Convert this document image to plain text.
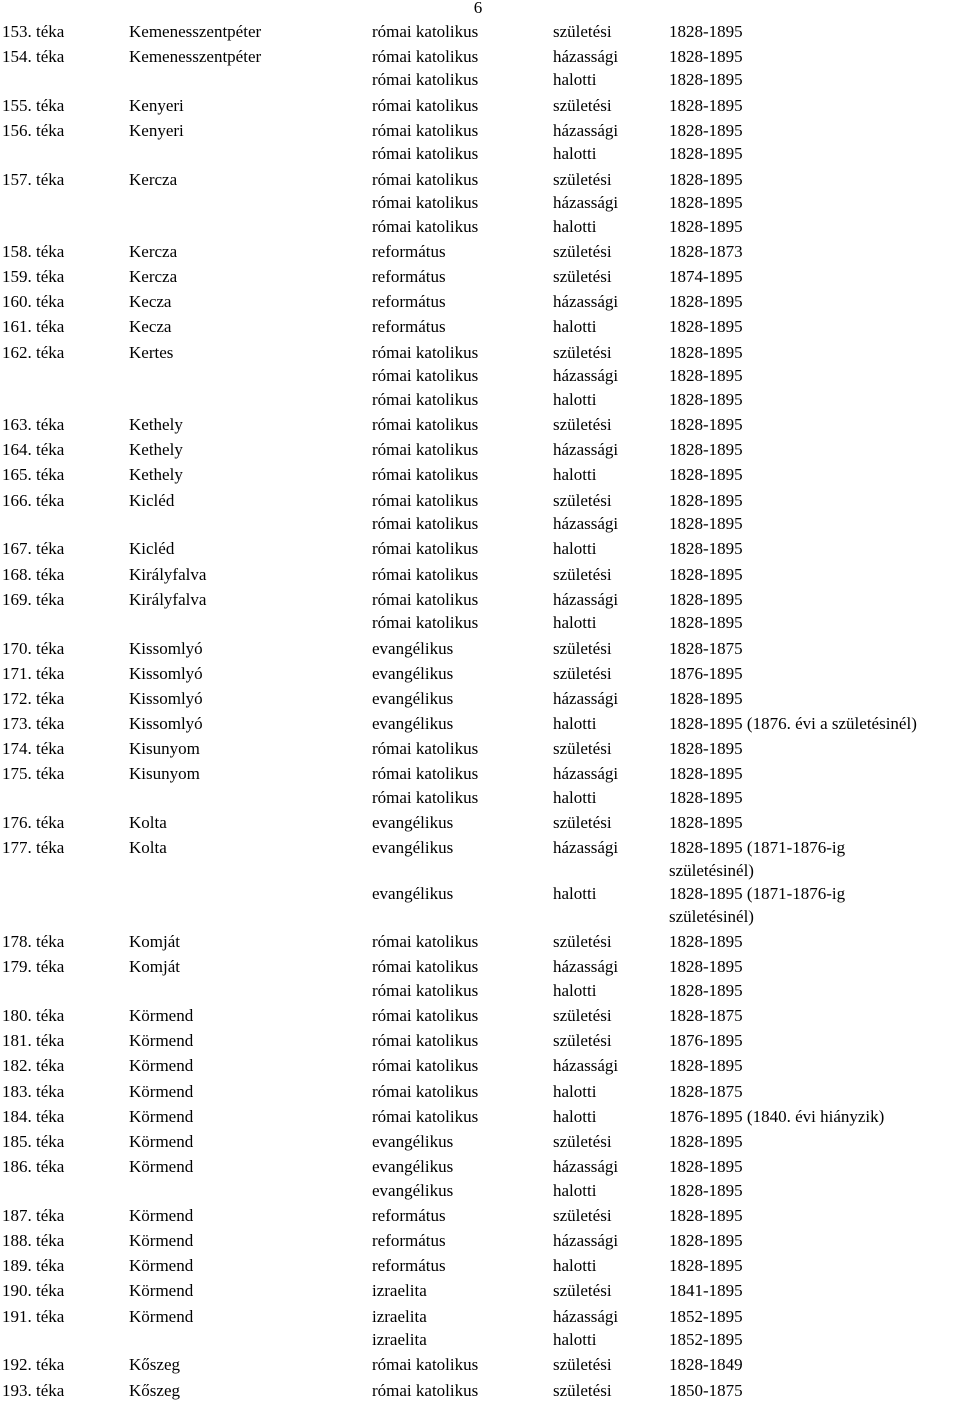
6
153. téka	Kemenesszentpéter	római katolikus	születési	1828-1895
154. téka	Kemenesszentpéter	római katolikus	házassági	1828-1895
római katolikus	halotti	1828-1895
155. téka	Kenyeri	római katolikus	születési	1828-1895
156. téka	Kenyeri	római katolikus	házassági	1828-1895
római katolikus	halotti	1828-1895
157. téka	Kercza	római katolikus	születési	1828-1895
római katolikus	házassági	1828-1895
római katolikus	halotti	1828-1895
158. téka	Kercza	református	születési	1828-1873
159. téka	Kercza	református	születési	1874-1895
160. téka	Kecza	református	házassági	1828-1895
161. téka	Kecza	református	halotti	1828-1895
162. téka	Kertes	római katolikus	születési	1828-1895
római katolikus	házassági	1828-1895
római katolikus	halotti	1828-1895
163. téka	Kethely	római katolikus	születési	1828-1895
164. téka	Kethely	római katolikus	házassági	1828-1895
165. téka	Kethely	római katolikus	halotti	1828-1895
166. téka	Kicléd	római katolikus	születési	1828-1895
római katolikus	házassági	1828-1895
167. téka	Kicléd	római katolikus	halotti	1828-1895
168. téka	Királyfalva	római katolikus	születési	1828-1895
169. téka	Királyfalva	római katolikus	házassági	1828-1895
római katolikus	halotti	1828-1895
170. téka	Kissomlyó	evangélikus	születési	1828-1875
171. téka	Kissomlyó	evangélikus	születési	1876-1895
172. téka	Kissomlyó	evangélikus	házassági	1828-1895
173. téka	Kissomlyó	evangélikus	halotti	1828-1895 (1876. évi a születésinél)
174. téka	Kisunyom	római katolikus	születési	1828-1895
175. téka	Kisunyom	római katolikus	házassági	1828-1895
római katolikus	halotti	1828-1895
176. téka	Kolta	evangélikus	születési	1828-1895
177. téka	Kolta	evangélikus	házassági	1828-1895 (1871-1876-ig
születésinél)
evangélikus	halotti	1828-1895 (1871-1876-ig
születésinél)
178. téka	Komját	római katolikus	születési	1828-1895
179. téka	Komját	római katolikus	házassági	1828-1895
római katolikus	halotti	1828-1895
180. téka	Körmend	római katolikus	születési	1828-1875
181. téka	Körmend	római katolikus	születési	1876-1895
182. téka	Körmend	római katolikus	házassági	1828-1895
183. téka	Körmend	római katolikus	halotti	1828-1875
184. téka	Körmend	római katolikus	halotti	1876-1895 (1840. évi hiányzik)
185. téka	Körmend	evangélikus	születési	1828-1895
186. téka	Körmend	evangélikus	házassági	1828-1895
evangélikus	halotti	1828-1895
187. téka	Körmend	református	születési	1828-1895
188. téka	Körmend	református	házassági	1828-1895
189. téka	Körmend	református	halotti	1828-1895
190. téka	Körmend	izraelita	születési	1841-1895
191. téka	Körmend	izraelita	házassági	1852-1895
izraelita	halotti	1852-1895
192. téka	Kőszeg	római katolikus	születési	1828-1849
193. téka	Kőszeg	római katolikus	születési	1850-1875
